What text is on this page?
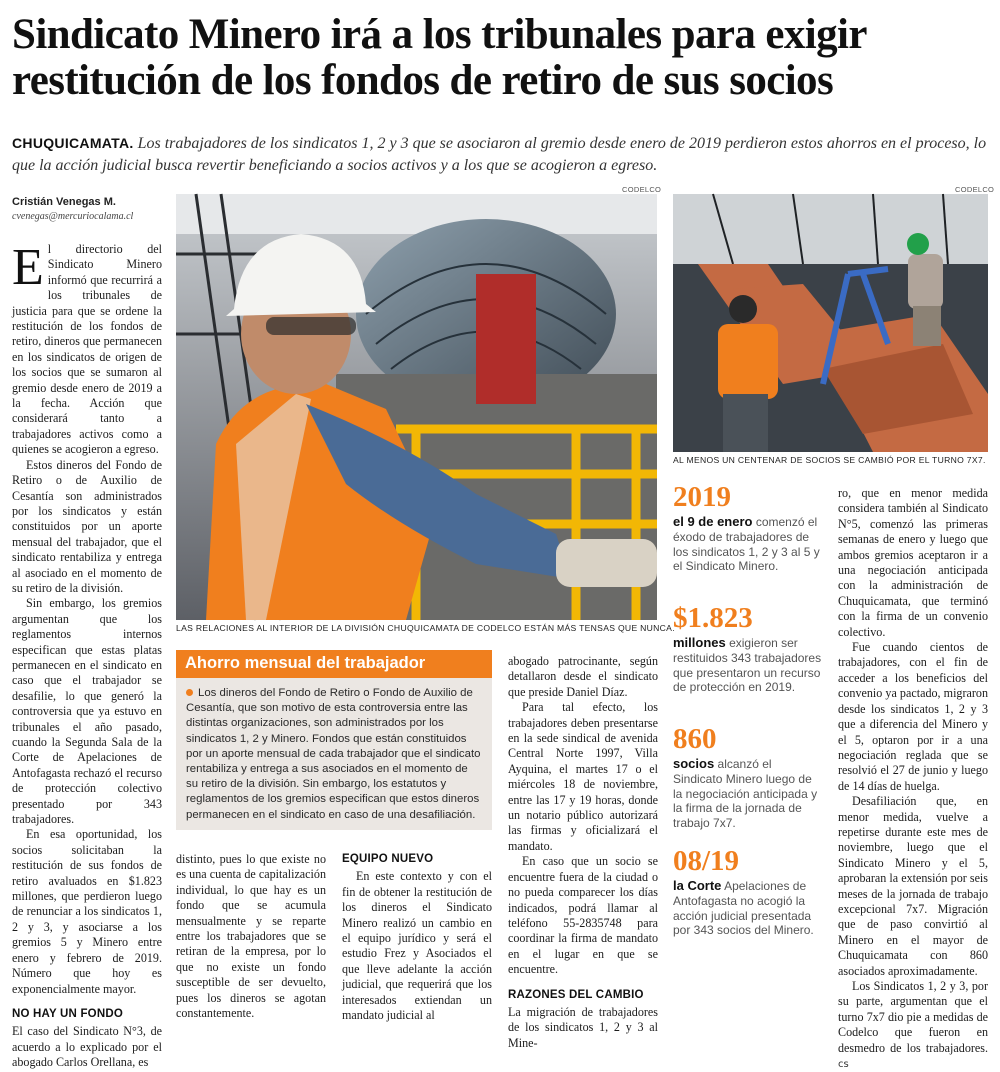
Sindicato Minero irá a los tribunales para exigir
restitución de los fondos de retiro de sus socios
CHUQUICAMATA. Los trabajadores de los sindicatos 1, 2 y 3 que se asociaron al gremio desde enero de 2019 perdieron estos ahorros en el proceso, lo que la acción judicial busca revertir beneficiando a socios activos y a los que se acogieron a egreso.
Cristián Venegas M.
cvenegas@mercuriocalama.cl

El directorio del Sindicato Minero informó que recurrirá a los tribunales de justicia para que se ordene la restitución de los fondos de retiro, dineros que permanecen en los sindicatos de origen de los socios que se sumaron al gremio desde enero de 2019 a la fecha. Acción que considerará tanto a trabajadores activos como a quienes se acogieron a egreso.

Estos dineros del Fondo de Retiro o de Auxilio de Cesantía son administrados por los sindicatos y están constituidos por un aporte mensual del trabajador, que el sindicato rentabiliza y entrega al asociado en el momento de su retiro de la división.

Sin embargo, los gremios argumentan que los reglamentos internos especifican que estas platas permanecen en el sindicato en caso que el trabajador se desafilie, lo que generó la controversia que ya estuvo en tribunales el año pasado, cuando la Segunda Sala de la Corte de Apelaciones de Antofagasta rechazó el recurso de protección colectivo presentado por 343 trabajadores.

En esa oportunidad, los socios solicitaban la restitución de sus fondos de retiro avaluados en $1.823 millones, que perdieron luego de renunciar a los sindicatos 1, 2 y 3, y asociarse a los gremios 5 y Minero entre enero y febrero de 2019. Número que hoy es exponencialmente mayor.

NO HAY UN FONDO

El caso del Sindicato N°3, de acuerdo a lo explicado por el abogado Carlos Orellana, es

CODELCO
LAS RELACIONES AL INTERIOR DE LA DIVISIÓN CHUQUICAMATA DE CODELCO ESTÁN MÁS TENSAS QUE NUNCA.
CODELCO
AL MENOS UN CENTENAR DE SOCIOS SE CAMBIÓ POR EL TURNO 7X7.
Ahorro mensual del trabajador
Los dineros del Fondo de Retiro o Fondo de Auxilio de Cesantía, que son motivo de esta controversia entre las distintas organizaciones, son administrados por los sindicatos 1, 2 y Minero. Fondos que están constituidos por un aporte mensual de cada trabajador que el sindicato rentabiliza y entrega a sus asociados en el momento de su retiro de la división. Sin embargo, los estatutos y reglamentos de los gremios especifican que estos dineros permanecen en el sindicato en caso de una desafiliación.

distinto, pues lo que existe no es una cuenta de capitalización individual, lo que hay es un fondo que se acumula mensualmente y se reparte entre los trabajadores que se retiran de la empresa, por lo que no existe un fondo susceptible de ser devuelto, pues los dineros se agotan constantemente.

EQUIPO NUEVO

En este contexto y con el fin de obtener la restitución de los dineros el Sindicato Minero realizó un cambio en el equipo jurídico y será el estudio Frez y Asociados el que lleve adelante la acción judicial, que requerirá que los interesados extiendan un mandato judicial al

abogado patrocinante, según detallaron desde el sindicato que preside Daniel Díaz.

Para tal efecto, los trabajadores deben presentarse en la sede sindical de avenida Central Norte 1997, Villa Ayquina, el martes 17 o el miércoles 18 de noviembre, entre las 17 y 19 horas, donde un notario público autorizará las firmas y oficializará el mandato.

En caso que un socio se encuentre fuera de la ciudad o no pueda comparecer los días indicados, podrá llamar al teléfono 55-2835748 para coordinar la firma de mandato en el lugar en que se encuentre.

RAZONES DEL CAMBIO

La migración de trabajadores de los sindicatos 1, 2 y 3 al Mine-

2019
el 9 de enero comenzó el éxodo de trabajadores de los sindicatos 1, 2 y 3 al 5 y el Sindicato Minero.
$1.823
millones exigieron ser restituidos 343 trabajadores que presentaron un recurso de protección en 2019.
860
socios alcanzó el Sindicato Minero luego de la negociación anticipada y la firma de la jornada de trabajo 7x7.
08/19
la Corte Apelaciones de Antofagasta no acogió la acción judicial presentada por 343 socios del Minero.

ro, que en menor medida considera también al Sindicato N°5, comenzó las primeras semanas de enero y luego que ambos gremios aceptaron ir a una negociación anticipada con la administración de Chuquicamata, que terminó con la firma de un convenio colectivo.

Fue cuando cientos de trabajadores, con el fin de acceder a los beneficios del convenio ya pactado, migraron desde los sindicatos 1, 2 y 3 que a diferencia del Minero y el 5, optaron por ir a una negociación reglada que se resolvió el 27 de junio y luego de 14 días de huelga.

Desafiliación que, en menor medida, vuelve a repetirse durante este mes de noviembre, luego que el Sindicato Minero y el 5, aprobaran la extensión por seis meses de la jornada de trabajo excepcional 7x7. Migración que de paso convirtió al Minero en el mayor de Chuquicamata con 860 asociados aproximadamente.

Los Sindicatos 1, 2 y 3, por su parte, argumentan que el turno 7x7 dio pie a medidas de Codelco que fueron en desmedro de los trabajadores. cs
